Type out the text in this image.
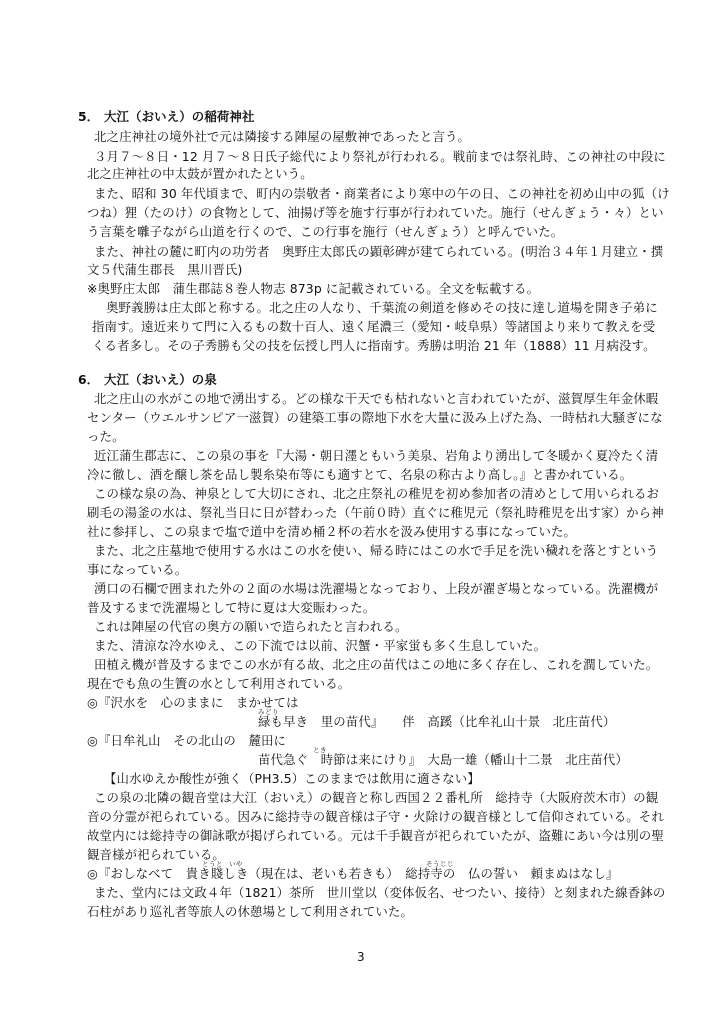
5． 大江（おいえ）の稲荷神社
北之庄神社の境外社で元は隣接する陣屋の屋敷神であったと言う。
３月７～８日・12 月７～８日氏子総代により祭礼が行われる。戦前までは祭礼時、この神社の中段に
北之庄神社の中太鼓が置かれたという。
また、昭和 30 年代頃まで、町内の崇敬者・商業者により寒中の午の日、この神社を初め山中の狐（け
つね）狸（たのけ）の食物として、油揚げ等を施す行事が行われていた。施行（せんぎょう・々）とい
う言葉を囃子ながら山道を行くので、この行事を施行（せんぎょう）と呼んでいた。
また、神社の麓に町内の功労者　奥野庄太郎氏の顕彰碑が建てられている。(明治３４年１月建立・撰
文５代蒲生郡長　黒川晋氏)
※奥野庄太郎　蒲生郡誌８巻人物志 873p に記載されている。全文を転載する。
奥野義勝は庄太郎と称する。北之庄の人なり、千葉流の剣道を修めその技に達し道場を開き子弟に
指南す。遠近来りて門に入るもの数十百人、遠く尾濃三（愛知・岐阜県）等諸国より来りて教えを受
くる者多し。その子秀勝も父の技を伝授し門人に指南す。秀勝は明治 21 年（1888）11 月病没す。
6． 大江（おいえ）の泉
北之庄山の水がこの地で湧出する。どの様な干天でも枯れないと言われていたが、滋賀厚生年金休暇
センター（ウエルサンピア一滋賀）の建築工事の際地下水を大量に汲み上げた為、一時枯れ大騒ぎにな
った。
近江蒲生郡志に、この泉の事を『大湯・朝日濹ともいう美泉、岩角より湧出して冬暖かく夏冷たく清
冷に徹し、酒を醸し茶を品し製糸染布等にも適すとて、名泉の称古より高し。』と書かれている。
この様な泉の為、神泉として大切にされ、北之庄祭礼の稚児を初め参加者の清めとして用いられるお
刷毛の湯釜の水は、祭礼当日に日が替わった（午前０時）直ぐに稚児元（祭礼時稚児を出す家）から神
社に参拝し、この泉まで塩で道中を清め桶２杯の若水を汲み使用する事になっていた。
また、北之庄墓地で使用する水はこの水を使い、帰る時にはこの水で手足を洗い穢れを落とすという
事になっている。
湧口の石欄で囲まれた外の２面の水場は洗濯場となっており、上段が濯ぎ場となっている。洗濯機が
普及するまで洗濯場として特に夏は大変賑わった。
これは陣屋の代官の奥方の願いで造られたと言われる。
また、清涼な冷水ゆえ、この下流では以前、沢蟹・平家蛍も多く生息していた。
田植え機が普及するまでこの水が有る故、北之庄の苗代はこの地に多く存在し、これを潤していた。
現在でも魚の生簀の水として利用されている。
◎『沢水を　心のままに　まかせては
みどり
緑も早き　里の苗代』　　伴　高蹊（比牟礼山十景　北庄苗代）
◎『日牟礼山　その北山の　麓田に
とき
苗代急ぐ　時節は来にけり』　大島一雄（幡山十二景　北庄苗代）
【山水ゆえか酸性が強く（PH3.5）このままでは飲用に適さない】
この泉の北隣の観音堂は大江（おいえ）の観音と称し西国２２番札所　総持寺（大阪府茨木市）の観
音の分霊が祀られている。因みに総持寺の観音様は子守・火除けの観音様として信仰されている。それ
故堂内には総持寺の御詠歌が掲げられている。元は千手観音が祀られていたが、盗難にあい今は別の聖
観音様が祀られている。
とうと いや	そうじじ
◎『おしなべて　貴き賤しき（現在は、老いも若きも）　総持寺の　仏の誓い　頼まぬはなし』
また、堂内には文政４年（1821）茶所　世川堂以（変体仮名、せつたい、接待）と刻まれた線香鉢の
石柱があり巡礼者等旅人の休憩場として利用されていた。
3
